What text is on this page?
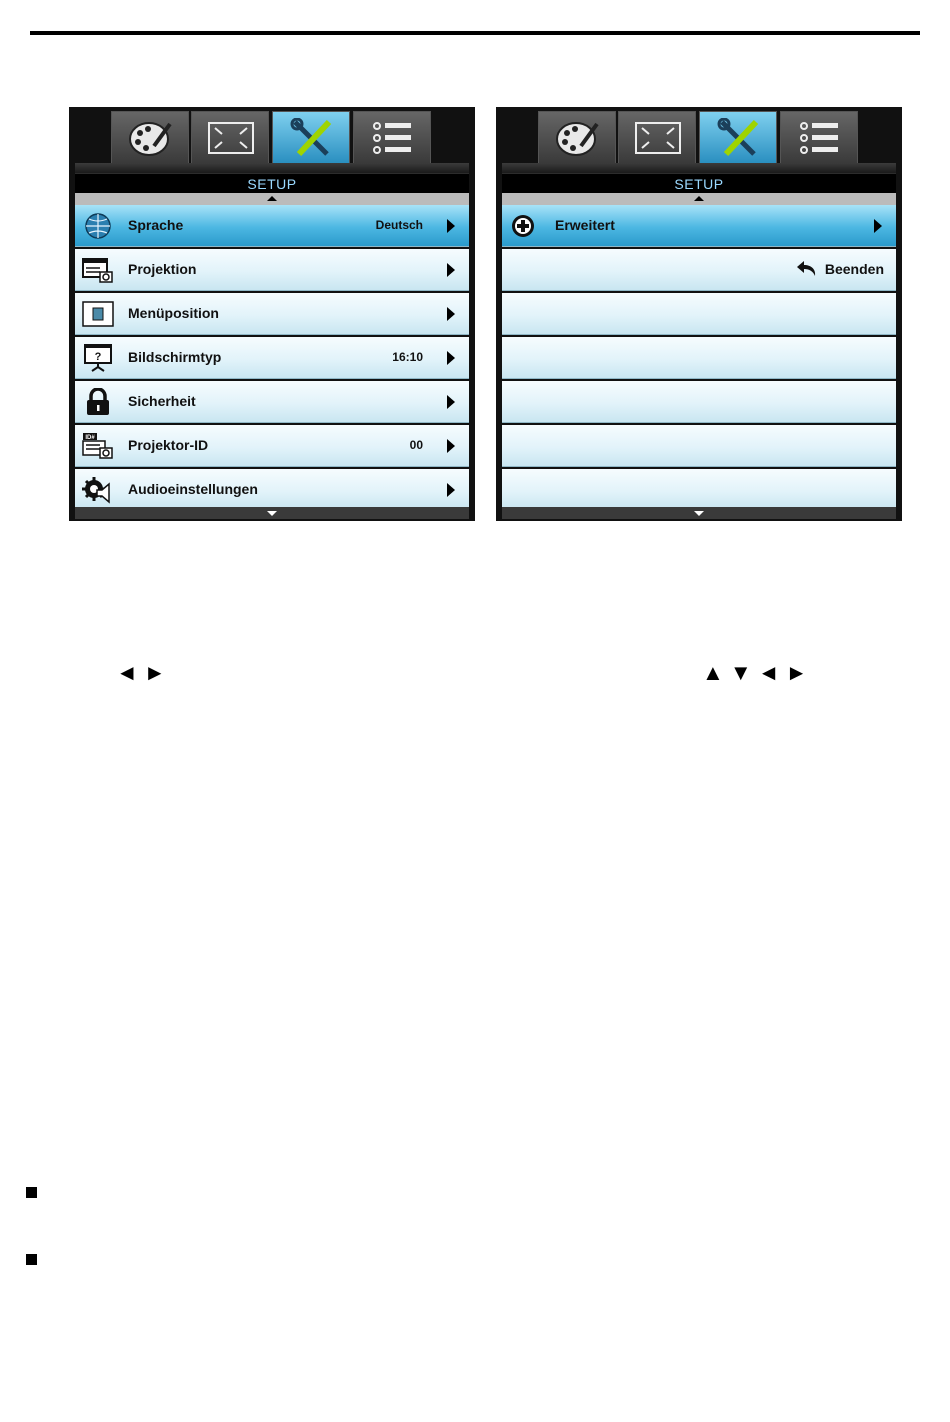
SETUP
Sprache	Deutsch
Projektion
Menüposition
? Bildschirmtyp	16:10
Sicherheit
ID# Projektor-ID	00
Audioeinstellungen
SETUP
Erweitert
Beenden
◄ ►	▲ ▼ ◄ ►
